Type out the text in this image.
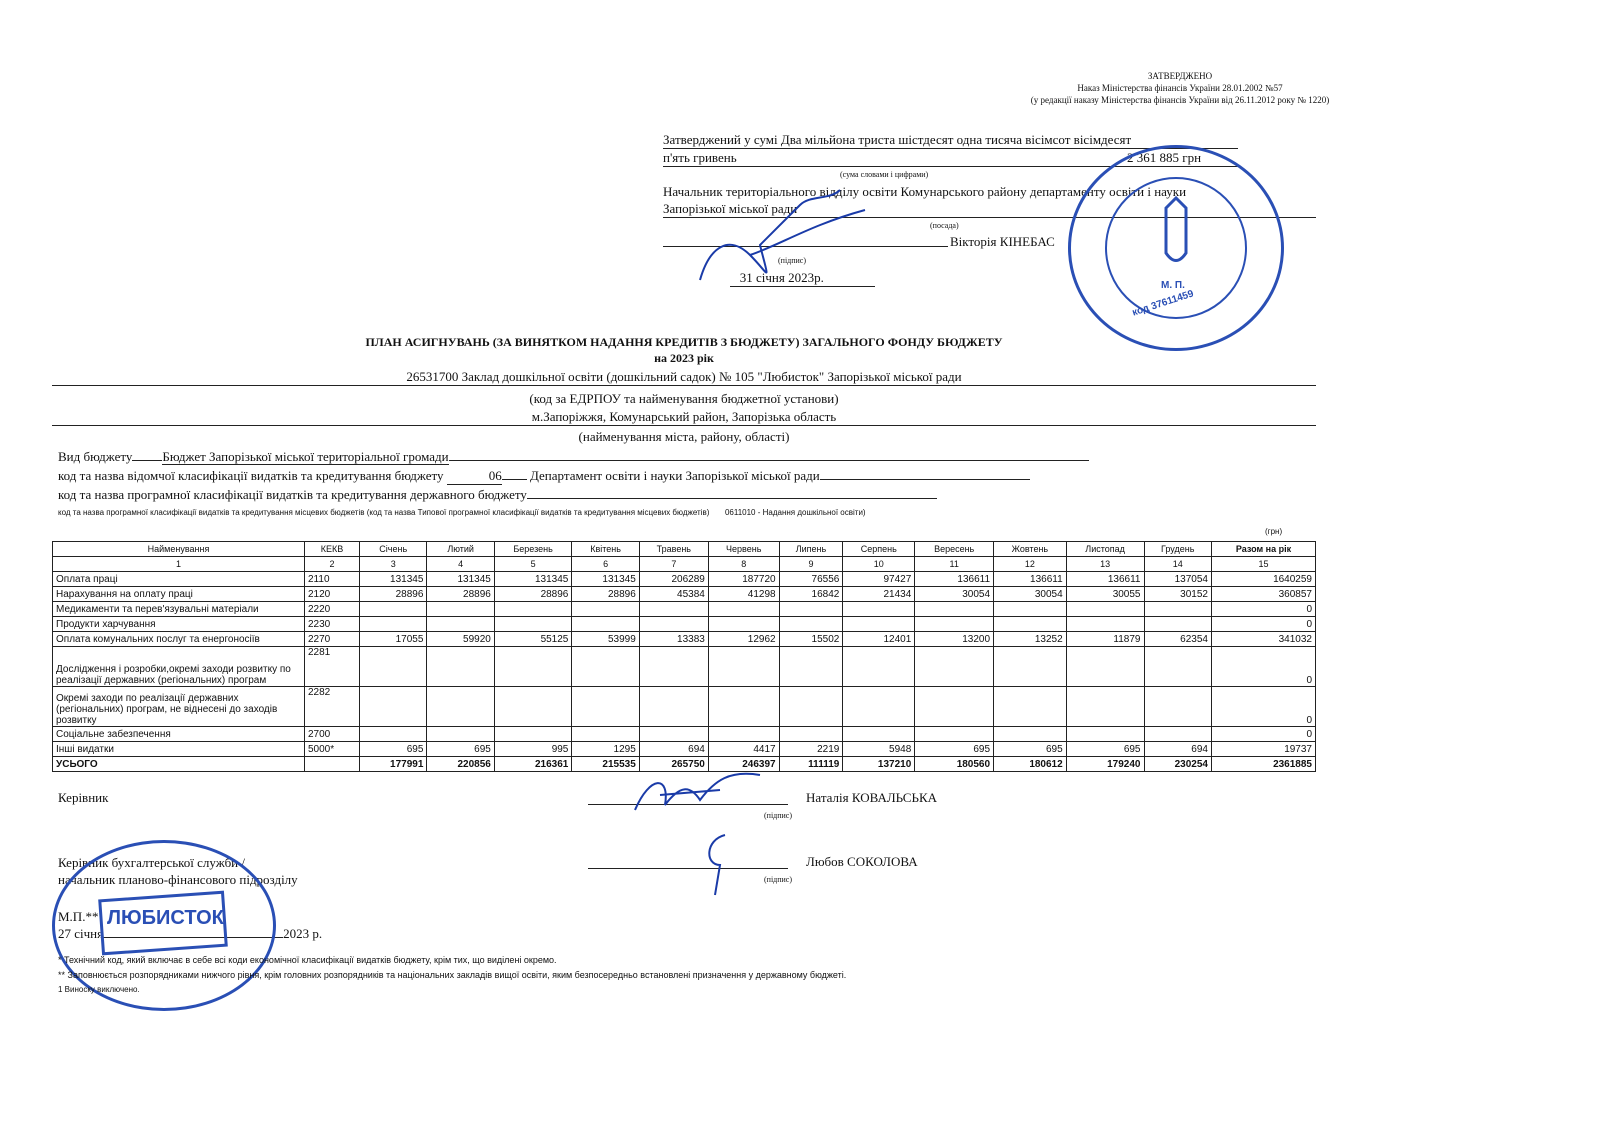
ЗАТВЕРДЖЕНО
Наказ Міністерства фінансів України 28.01.2002 №57
(у редакції наказу Міністерства фінансів України від 26.11.2012 року № 1220)
Затверджений у сумі Два мільйона триста шістдесят одна тисяча вісімсот вісімдесят
п'ять гривень	2 361 885 грн
(сума словами і цифрами)
Начальник територіального відділу освіти Комунарського району департаменту освіти і науки
Запорізької міської ради
(посада)
Вікторія КІНЕБАС
(підпис)
31 січня 2023р.
М. П.
код 37611459
ПЛАН АСИГНУВАНЬ (ЗА ВИНЯТКОМ НАДАННЯ КРЕДИТІВ З БЮДЖЕТУ) ЗАГАЛЬНОГО ФОНДУ БЮДЖЕТУ
на 2023 рік
26531700 Заклад дошкільної освіти (дошкільний садок) № 105 "Любисток" Запорізької міської ради
(код за ЕДРПОУ та найменування бюджетної установи)
м.Запоріжжя, Комунарський район, Запорізька область
(найменування міста, району, області)
Вид бюджету Бюджет Запорізької міської територіальної громади
код та назва відомчої класифікації видатків та кредитування бюджету	06 Департамент освіти і науки Запорізької міської ради
код та назва програмної класифікації видатків та кредитування державного бюджету
код та назва програмної класифікації видатків та кредитування місцевих бюджетів (код та назва Типової програмної класифікації видатків та кредитування місцевих бюджетів) 0611010 - Надання дошкільної освіти)
(грн)
Найменування	КЕКВ	Січень	Лютий	Березень	Квітень	Травень	Червень	Липень	Серпень	Вересень	Жовтень	Листопад	Грудень	Разом на рік
1	2	3	4	5	6	7	8	9	10	11	12	13	14	15
Оплата праці	2110	131345	131345	131345	131345	206289	187720	76556	97427	136611	136611	136611	137054	1640259
Нарахування на оплату праці	2120	28896	28896	28896	28896	45384	41298	16842	21434	30054	30054	30055	30152	360857
Медикаменти та перев'язувальні матеріали	2220													0
Продукти харчування	2230													0
Оплата комунальних послуг та енергоносіїв	2270	17055	59920	55125	53999	13383	12962	15502	12401	13200	13252	11879	62354	341032
Дослідження і розробки,окремі заходи розвитку по реалізації державних (регіональних) програм	2281													0
Окремі заходи по реалізації державних (регіональних) програм, не віднесені до заходів розвитку	2282													0
Соціальне забезпечення	2700													0
Інші видатки	5000*	695	695	995	1295	694	4417	2219	5948	695	695	695	694	19737
УСЬОГО		177991	220856	216361	215535	265750	246397	111119	137210	180560	180612	179240	230254	2361885
Керівник	Наталія КОВАЛЬСЬКА
(підпис)
Керівник бухгалтерської служби /
начальник планово-фінансового підрозділу
Любов СОКОЛОВА
(підпис)
М.П.**
27 січня	2023 р.
ЛЮБИСТОК
* Технічний код, який включає в себе всі коди економічної класифікації видатків бюджету, крім тих, що виділені окремо.
** Заповнюється розпорядниками нижчого рівня, крім головних розпорядників та національних закладів вищої освіти, яким безпосередньо встановлені призначення у державному бюджеті.
1 Виноску виключено.
